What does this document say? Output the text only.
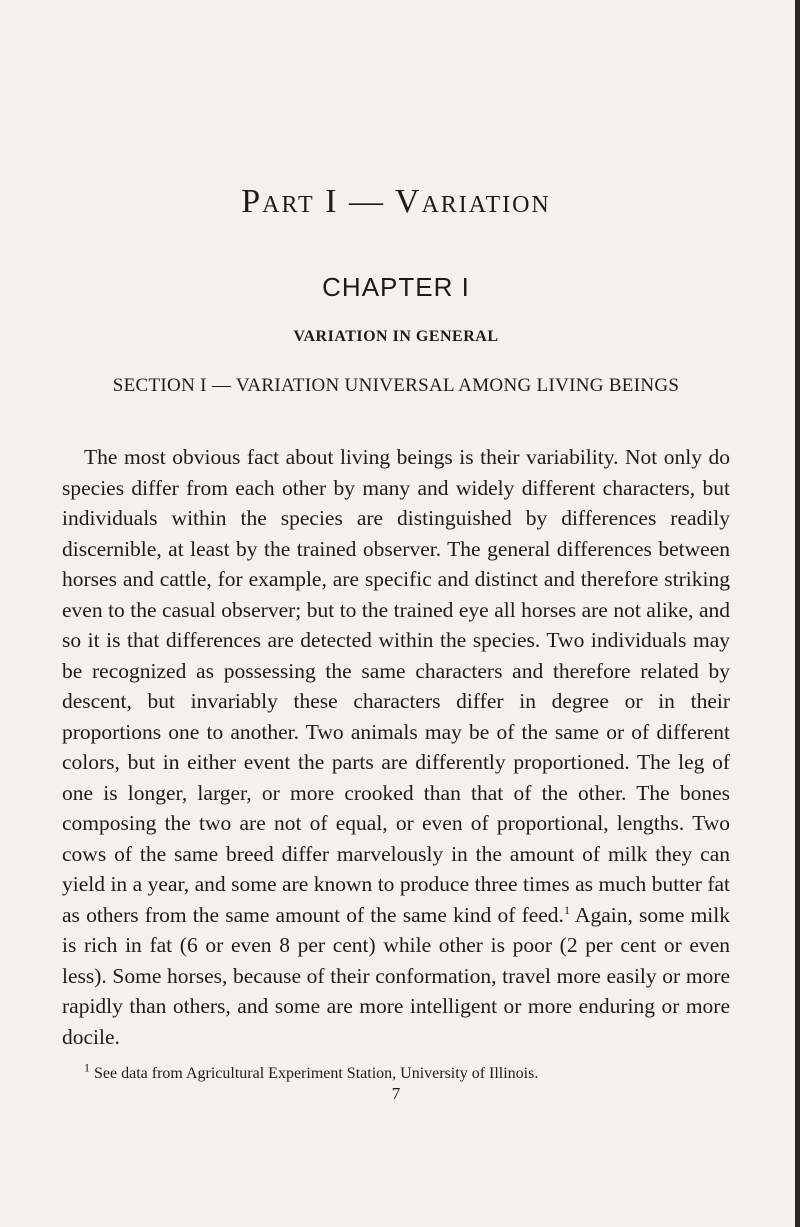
Part I — Variation
CHAPTER I
VARIATION IN GENERAL
SECTION I — VARIATION UNIVERSAL AMONG LIVING BEINGS

The most obvious fact about living beings is their variability. Not only do species differ from each other by many and widely different characters, but individuals within the species are distinguished by differences readily discernible, at least by the trained observer. The general differences between horses and cattle, for example, are specific and distinct and therefore striking even to the casual observer; but to the trained eye all horses are not alike, and so it is that differences are detected within the species. Two individuals may be recognized as possessing the same characters and therefore related by descent, but invariably these characters differ in degree or in their proportions one to another. Two animals may be of the same or of different colors, but in either event the parts are differently proportioned. The leg of one is longer, larger, or more crooked than that of the other. The bones composing the two are not of equal, or even of proportional, lengths. Two cows of the same breed differ marvelously in the amount of milk they can yield in a year, and some are known to produce three times as much butter fat as others from the same amount of the same kind of feed.$^1$ Again, some milk is rich in fat (6 or even 8 per cent) while other is poor (2 per cent or even less). Some horses, because of their conformation, travel more easily or more rapidly than others, and some are more intelligent or more enduring or more docile.

$^1$ See data from Agricultural Experiment Station, University of Illinois.

7
